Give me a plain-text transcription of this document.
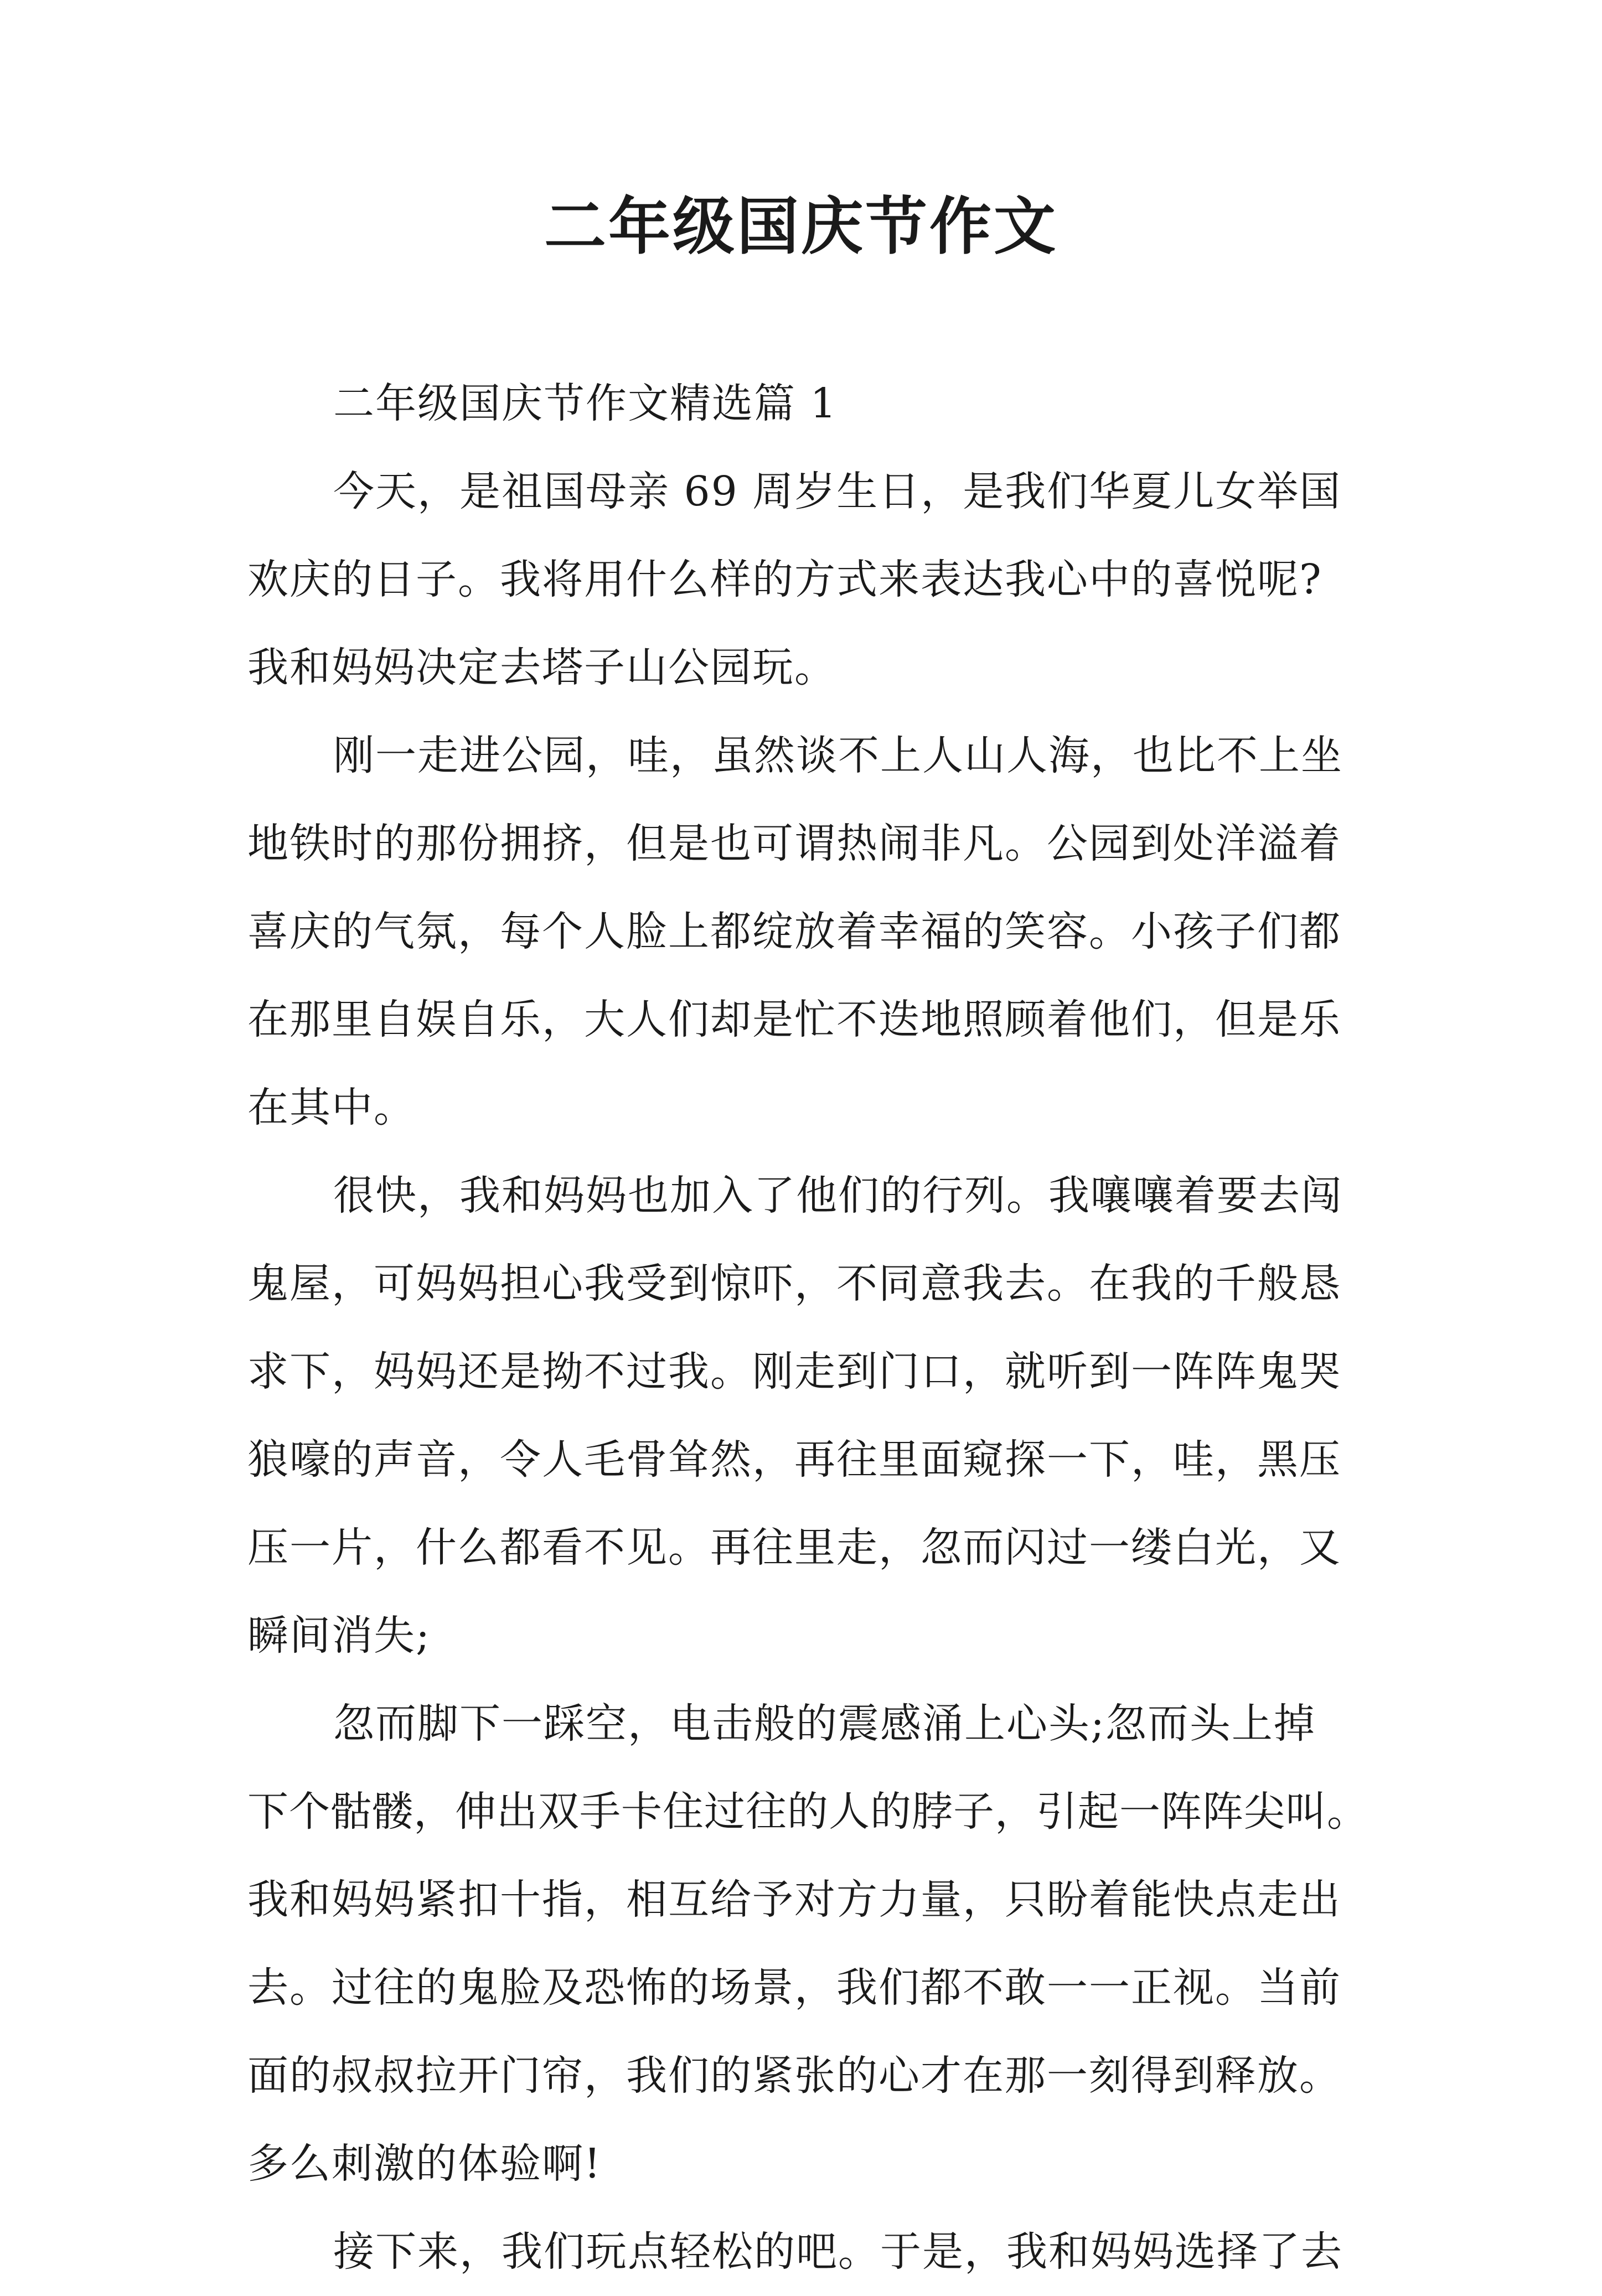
二年级国庆节作文

二年级国庆节作文精选篇 1

今天，是祖国母亲 69 周岁生日，是我们华夏儿女举国

欢庆的日子。我将用什么样的方式来表达我心中的喜悦呢?

我和妈妈决定去塔子山公园玩。

刚一走进公园，哇，虽然谈不上人山人海，也比不上坐

地铁时的那份拥挤，但是也可谓热闹非凡。公园到处洋溢着

喜庆的气氛，每个人脸上都绽放着幸福的笑容。小孩子们都

在那里自娱自乐，大人们却是忙不迭地照顾着他们，但是乐

在其中。

很快，我和妈妈也加入了他们的行列。我嚷嚷着要去闯

鬼屋，可妈妈担心我受到惊吓，不同意我去。在我的千般恳

求下，妈妈还是拗不过我。刚走到门口，就听到一阵阵鬼哭

狼嚎的声音，令人毛骨耸然，再往里面窥探一下，哇，黑压

压一片，什么都看不见。再往里走，忽而闪过一缕白光，又

瞬间消失;

忽而脚下一踩空，电击般的震感涌上心头;忽而头上掉

下个骷髅，伸出双手卡住过往的人的脖子，引起一阵阵尖叫。

我和妈妈紧扣十指，相互给予对方力量，只盼着能快点走出

去。过往的鬼脸及恐怖的场景，我们都不敢一一正视。当前

面的叔叔拉开门帘，我们的紧张的心才在那一刻得到释放。

多么刺激的体验啊!

接下来，我们玩点轻松的吧。于是，我和妈妈选择了去
